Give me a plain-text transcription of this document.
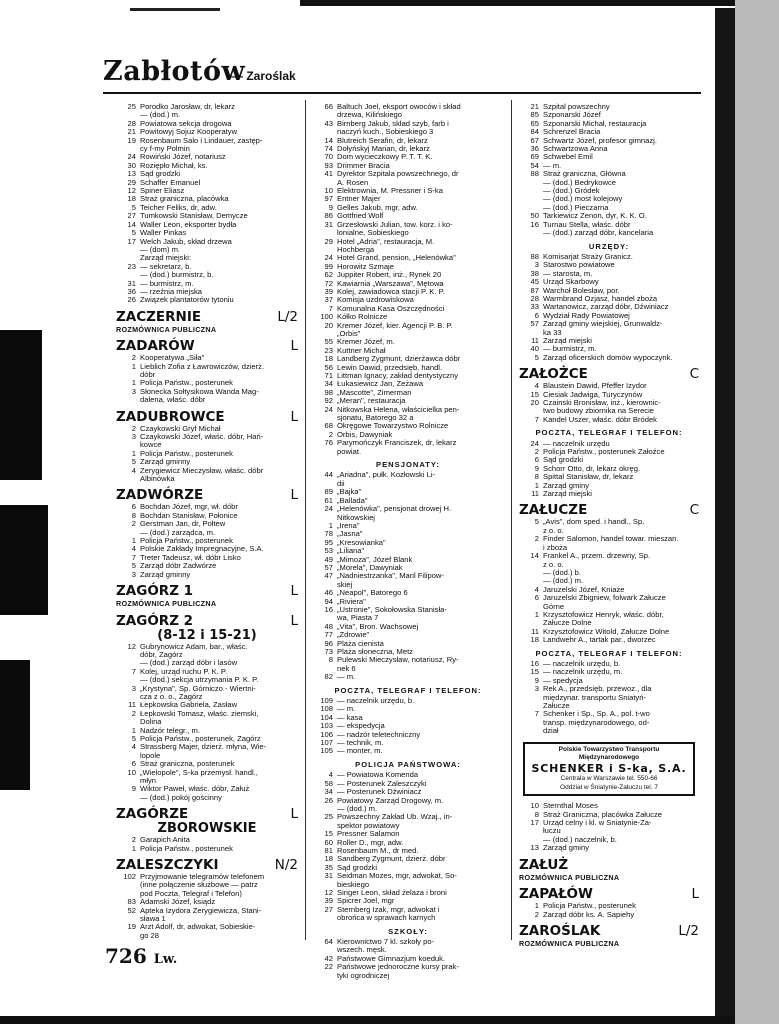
Zabłotów
— Zaroślak
25 Porodko Jarosław, dr, lekarz
— (dod.) m.
28 Powiatowa sekcja drogowa
21 Powitowyj Sojuz Kooperatyw
19 Rosenbaum Salo i Lindauer, zastęp-
cy f-my Polmin
24 Rowiński Józef, notariusz
30 Roziępło Michał, ks.
13 Sąd grodzki
29 Schaffer Emanuel
12 Spiner Eliasz
18 Straż graniczna, placówka
5 Teicher Feliks, dr, adw.
27 Tumkowski Stanisław, Demycze
14 Waller Leon, eksporter bydła
5 Waller Pinkas
17 Welch Jakub, skład drzewa
— (dom) m.
Zarząd miejski:
23 — sekretarz, b.
— (dod.) burmistrz, b.
31 — burmistrz, m.
36 — rzeźnia miejska
26 Związek plantatorów tytoniu
ZACZERNIE	L/2
ROZMÓWNICA PUBLICZNA
ZADARÓW	L
2 Kooperatywa „Siła"
1 Lieblich Zofia z Ławrowiczów, dzierż.
dóbr
1 Policja Państw., posterunek
3 Słonecka Sołtysikowa Wanda Mag-
dalena, właśc. dóbr
ZADUBROWCE	L
2 Czaykowski Gryf Michał
3 Czaykowski Józef, właśc. dóbr, Hań-
kowce
1 Policja Państw., posterunek
5 Zarząd gminny
4 Zerygiewicz Mieczysław, właśc. dóbr
Albinówka
ZADWÓRZE	L
6 Bochdan Józef, mgr, wł. dóbr
8 Bochdan Stanisław, Połonice
2 Gerstman Jan, dr, Połtew
— (dod.) zarządca, m.
1 Policja Państw., posterunek
4 Polskie Zakłady Impregnacyjne, S.A.
7 Treter Tadeusz, wł. dóbr Lisko
5 Zarząd dóbr Zadwórze
3 Zarząd gminny
ZAGÓRZ 1	L
ROZMÓWNICA PUBLICZNA
ZAGÓRZ 2	L
(8-12 i 15-21)
12 Gubrynowicz Adam, bar., właśc.
dóbr, Zagórz
— (dod.) zarząd dóbr i lasów
7 Kolej, urząd ruchu P. K. P.
— (dod.) sekcja utrzymania P. K. P.
3 „Krystyna", Sp. Górniczo - Wiertni-
cza z o. o., Zagórz
11 Łepkowska Gabriela, Zasław
2 Łepkowski Tomasz, właśc. ziemski,
Dolina
1 Nadzór telegr., m.
5 Policja Państw., posterunek, Zagórz
4 Strassberg Majer, dzierż. młyna, Wie-
lopole
6 Straż graniczna, posterunek
10 „Wielopole", S-ka przemysł. handl.,
młyn
9 Wiktor Paweł, właśc. dóbr, Załuż
— (dod.) pokój gościnny
ZAGÓRZE	L
ZBOROWSKIE
2 Garapich Anita
1 Policja Państw., posterunek
ZALESZCZYKI	N/2
102 Przyjmowanie telegramów telefonem
(inne połączenie służbowe — patrz
pod Poczta, Telegraf i Telefon)
83 Adamski Józef, ksiądz
52 Apteka Izydora Zerygiewicza, Stani-
sława 1
19 Arzt Adolf, dr, adwokat, Sobieskie-
go 28
66 Baltuch Joel, eksport owoców i skład
drzewa, Kilińskiego
43 Birnberg Jakub, skład szyb, farb i
naczyń kuch., Sobieskiego 3
14 Blutreich Serafin, dr, lekarz
74 Dołyńskyj Marian, dr, lekarz
70 Dom wycieczkowy P. T. T. K.
93 Drimmer Bracia
41 Dyrektor Szpitala powszechnego, dr
A. Rosen
10 Elektrownia, M. Pressner i S-ka
97 Entner Majer
9 Gelles Jakub, mgr, adw.
86 Gottfried Wolf
31 Grzesłowski Julian, tow. korz. i ko-
lonialne, Sobieskiego
29 Hotel „Adria", restauracja, M.
Hochberga
24 Hotel Grand, pension, „Helenówka"
99 Horowitz Szmaje
62 Juppiter Robert, inż., Rynek 20
72 Kawiarnia „Warszawa", Mętowa
39 Kolej, zawiadowca stacji P. K. P.
37 Komisja uzdrowiskowa
7 Komunalna Kasa Oszczędności
100 Kółko Rolnicze
20 Kremer Józef, kier. Agencji P. B. P.
„Orbis"
55 Kremer Józef, m.
23 Kuttner Michał
18 Landberg Zygmunt, dzierżawca dóbr
56 Lewin Dawid, przedsięb. handl.
71 Littman Ignacy, zakład dentystyczny
34 Łukasiewicz Jan, Żeżawa
98 „Mascotte", Zimerman
92 „Meran", restauracja
24 Nitkowska Helena, właścicielka pen-
sjonatu, Batorego 32 a
68 Okręgowe Towarzystwo Rolnicze
2 Orbis, Dawyniak
76 Parymończyk Franciszek, dr, lekarz
powiat.
PENSJONATY:
44 „Ariadna", pułk. Kozłowski Li-
dii
89 „Bajka"
61 „Ballada"
24 „Helenówka", pensjonat drowej H.
Nitkowskiej
1 „Irena"
78 „Jasna"
95 „Kresowianka"
53 „Liliana"
49 „Mimoza", Józef Blank
57 „Morela", Dawyniak
47 „Nadniestrzanka", Maril Filipow-
skiej
46 „Neapol", Batorego 6
94 „Riviera"
16 „Ustronie", Sokołowska Stanisła-
wa, Piasta 7
48 „Vita", Bron. Wachsowej
77 „Zdrowie"
96 Plaża cienista
73 Plaża słoneczna, Metz
8 Pulewski Mieczysław, notariusz, Ry-
nek 6
82 — m.
POCZTA, TELEGRAF I TELEFON:
109 — naczelnik urzędu, b.
108 — m.
104 — kasa
103 — ekspedycja
106 — nadzór teletechniczny
107 — technik, m.
105 — monter, m.
POLICJA PAŃSTWOWA:
4 — Powiatowa Komenda
58 — Posterunek Zaleszczyki
34 — Posterunek Dźwiniacz
26 Powiatowy Zarząd Drogowy, m.
— (dod.) m.
25 Powszechny Zakład Ub. Wzaj., in-
spektor powiatowy
15 Pressner Salamon
60 Roller D., mgr, adw.
81 Rosenbaum M., dr med.
18 Sandberg Zygmunt, dzierż. dóbr
35 Sąd grodzki
31 Seidman Mozes, mgr, adwokat, So-
bieskiego
12 Singer Leon, skład żelaza i broni
39 Spicrer Joel, mgr
27 Sternberg Izak, mgr, adwokat i
obrońca w sprawach karnych
SZKOŁY:
64 Kierownictwo 7 kl. szkoły po-
wszech. męsk.
42 Państwowe Gimnazjum koeduk.
22 Państwowe jednoroczne kursy prak-
tyki ogrodniczej
21 Szpital powszechny
85 Szponarski Józef
65 Szponarski Michał, restauracja
84 Schrenzel Bracia
67 Schwartz Józef, profesor gimnazj.
36 Schwartzowa Anna
69 Schwebel Emil
54 — m.
88 Straż graniczna, Główna
— (dod.) Bedrykowce
— (dod.) Gródek
— (dod.) most kolejowy
— (dod.) Pieczarna
50 Tarkiewicz Zenon, dyr, K. K. O.
16 Turnau Stella, właśc. dóbr
— (dod.) zarząd dóbr, kancelaria
URZĘDY:
88 Komisarjat Straży Granicz.
3 Starostwo powiatowe
38 — starosta, m.
45 Urząd Skarbowy
87 Warchoł Bolesław, por.
28 Warmbrand Ozjasz, handel zboża
33 Wartanowicz, zarząd dóbr, Dźwiniacz
6 Wydział Rady Powiatowej
57 Zarząd gminy wiejskiej, Grunwaldz-
ka 33
11 Zarząd miejski
40 — burmistrz, m.
5 Zarząd oficerskich domów wypoczynk.
ZAŁOŻCE	C
4 Blaustein Dawid, Pfeffer Izydor
15 Ciesiak Jadwiga, Turyczynów
20 Czainski Bronisław, inż., kierownic-
two budowy zbiornika na Serecie
7 Kandel Uszer, właśc. dóbr Bródek
POCZTA, TELEGRAF I TELEFON:
24 — naczelnik urzędu
2 Policja Państw., posterunek Załoźce
6 Sąd grodzki
9 Schorr Otto, dr, lekarz okręg.
8 Spittal Stanisław, dr, lekarz
1 Zarząd gminy
11 Zarząd miejski
ZAŁUCZE	C
5 „Avis", dom sped. i handl., Sp.
z o. o.
2 Finder Salomon, handel towar. mieszan.
i zboża
14 Frankel A., przem. drzewny, Sp.
z o. o.
— (dod.) b.
— (dod.) m.
4 Jaruzelski Józef, Kniaże
6 Jaruzelski Zbigniew, folwark Załucze
Górne
1 Krzysztofowicz Henryk, właśc. dóbr,
Załucze Dolne
11 Krzysztofowicz Witold, Załucze Dolne
18 Landwehr A., tartak par., dworzec
POCZTA, TELEGRAF I TELEFON:
16 — naczelnik urzędu, b.
15 — naczelnik urzędu, m.
9 — spedycja
3 Rek A., przedsięb. przewoz., dla
międzynar. transportu Śniatyń-
Załucze
7 Schenker i Sp., Sp. A., pol. t-wo
transp. międzynarodowego, od-
dział
Polskie Towarzystwo Transportu Międzynarodowego
SCHENKER i S-ka, S.A.
Centrala w Warszawie tel. 550-66
Oddział w Śniatynie-Załuczu tel. 7
10 Sternthal Moses
8 Straż Graniczna, placówka Załucze
17 Urząd celny i kl. w Śniatynie-Za-
łuczu
— (dod.) naczelnik, b.
13 Zarząd gminy
ZAŁUŻ
ROZMÓWNICA PUBLICZNA
ZAPAŁÓW	L
1 Policja Państw., posterunek
2 Zarząd dóbr ks. A. Sapiehy
ZAROŚLAK	L/2
ROZMÓWNICA PUBLICZNA
726 Lw.
